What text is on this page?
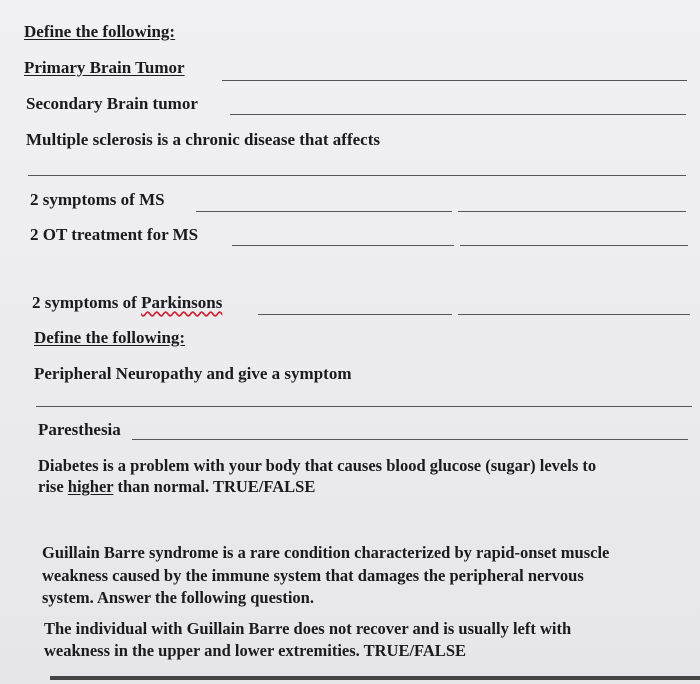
Define the following:
Primary Brain Tumor
Secondary Brain tumor
Multiple sclerosis is a chronic disease that affects
2 symptoms of MS
2 OT treatment for MS
2 symptoms of Parkinsons
Define the following:
Peripheral Neuropathy and give a symptom
Paresthesia
Diabetes is a problem with your body that causes blood glucose (sugar) levels to
rise higher than normal. TRUE/FALSE
Guillain Barre syndrome is a rare condition characterized by rapid-onset muscle
weakness caused by the immune system that damages the peripheral nervous
system. Answer the following question.
The individual with Guillain Barre does not recover and is usually left with
weakness in the upper and lower extremities. TRUE/FALSE
